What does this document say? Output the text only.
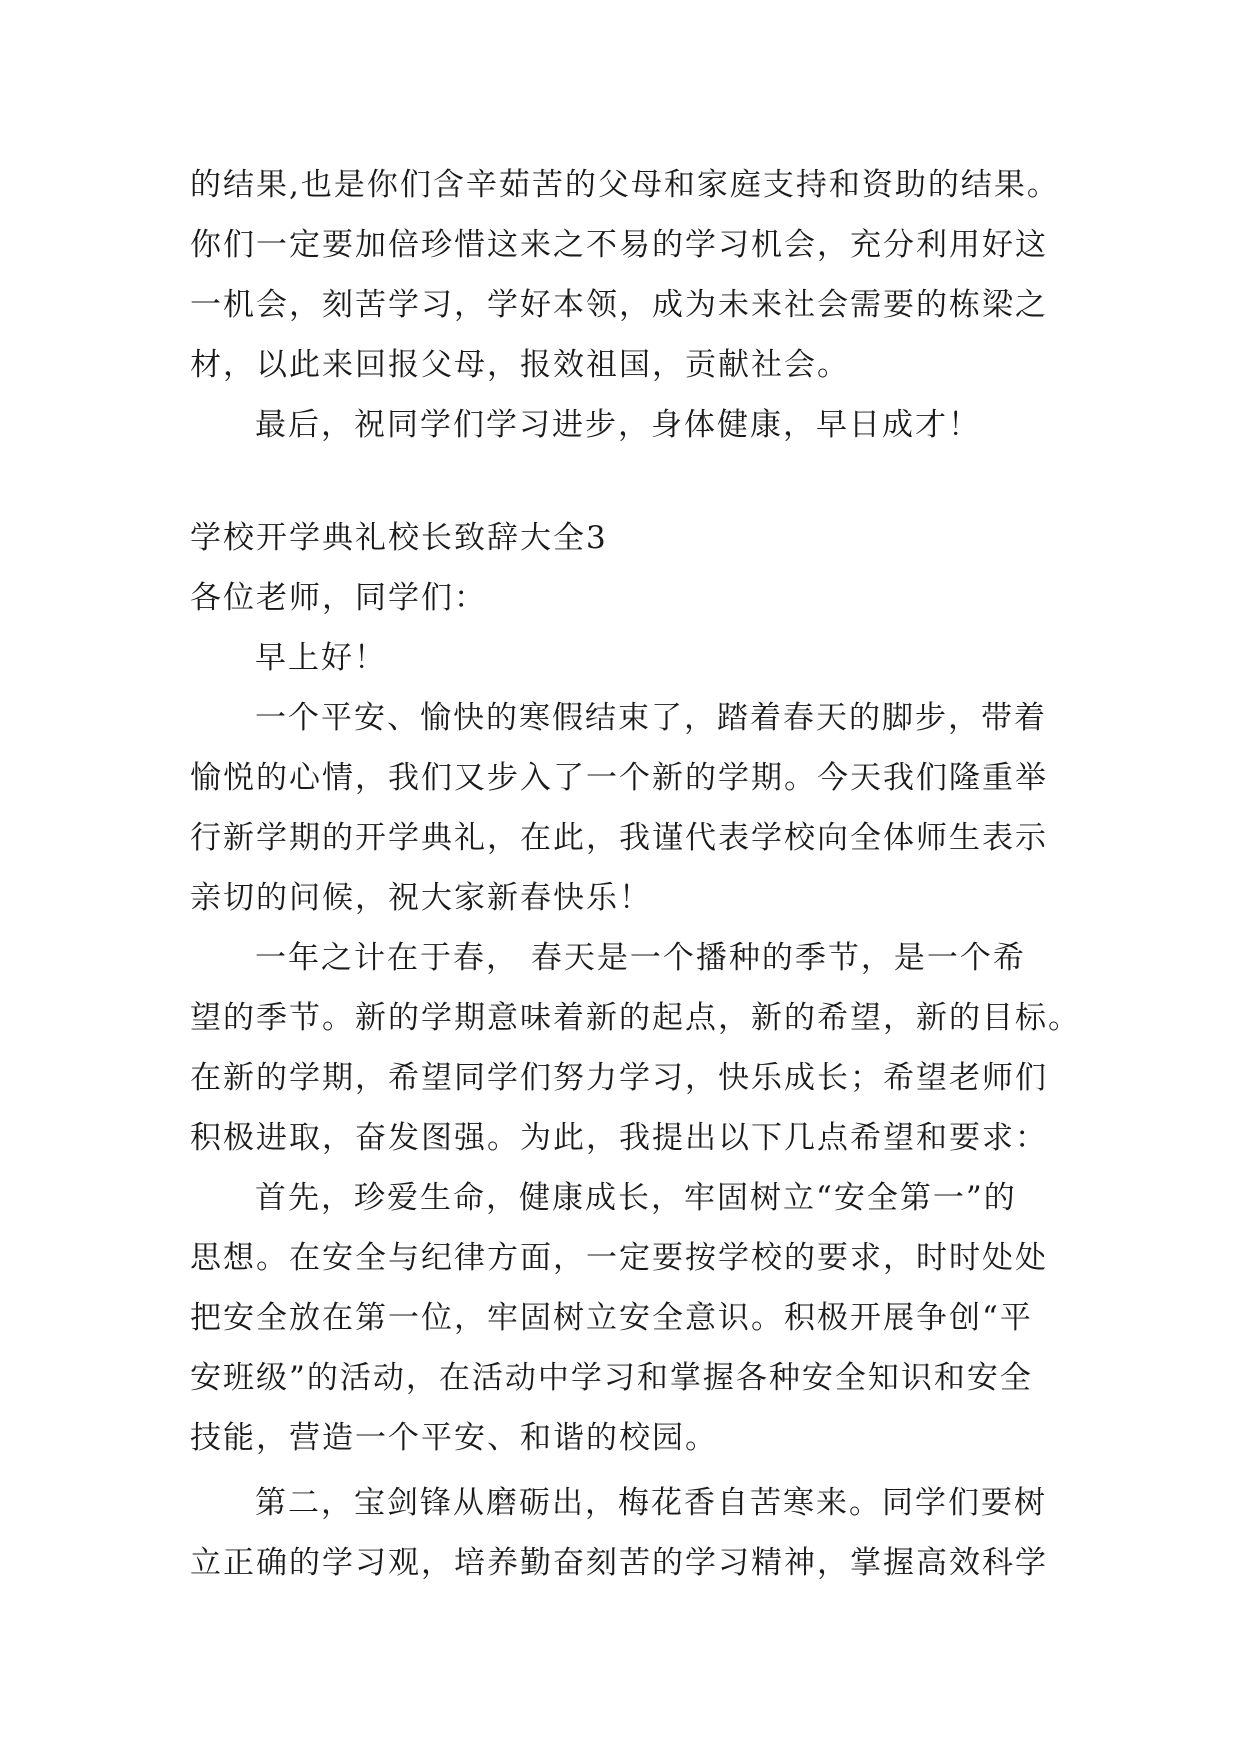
的结果,也是你们含辛茹苦的父母和家庭支持和资助的结果。
你们一定要加倍珍惜这来之不易的学习机会，充分利用好这
一机会，刻苦学习，学好本领，成为未来社会需要的栋梁之
材，以此来回报父母，报效祖国，贡献社会。
最后，祝同学们学习进步，身体健康，早日成才！
学校开学典礼校长致辞大全3
各位老师，同学们：
早上好！
一个平安、愉快的寒假结束了，踏着春天的脚步，带着
愉悦的心情，我们又步入了一个新的学期。今天我们隆重举
行新学期的开学典礼，在此，我谨代表学校向全体师生表示
亲切的问候，祝大家新春快乐！
一年之计在于春， 春天是一个播种的季节，是一个希
望的季节。新的学期意味着新的起点，新的希望，新的目标。
在新的学期，希望同学们努力学习，快乐成长；希望老师们
积极进取，奋发图强。为此，我提出以下几点希望和要求：
首先，珍爱生命，健康成长，牢固树立“安全第一”的
思想。在安全与纪律方面，一定要按学校的要求，时时处处
把安全放在第一位，牢固树立安全意识。积极开展争创“平
安班级”的活动，在活动中学习和掌握各种安全知识和安全
技能，营造一个平安、和谐的校园。
第二，宝剑锋从磨砺出，梅花香自苦寒来。同学们要树
立正确的学习观，培养勤奋刻苦的学习精神，掌握高效科学
